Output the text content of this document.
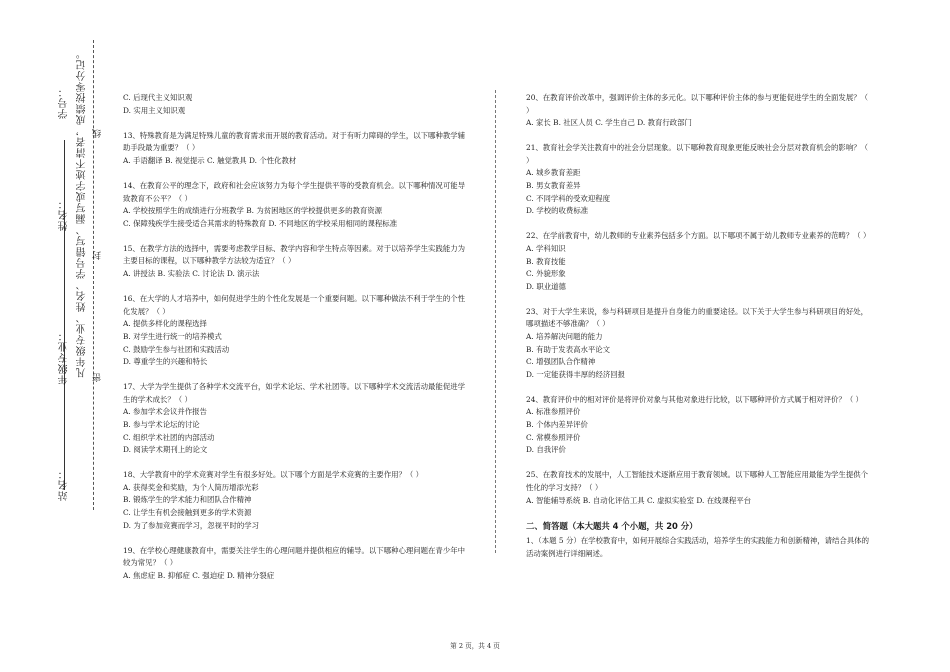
学号：
姓名：
年级专业：
站名：
凡年级专业、姓名、学号错写、漏写或字迹不清者，成绩按零分记。 密
封
线

C. 后现代主义知识观

D. 实用主义知识观

13、特殊教育是为满足特殊儿童的教育需求而开展的教育活动。对于有听力障碍的学生，以下哪种教学辅助手段最为重要？（ ）

A. 手语翻译 B. 视觉提示 C. 触觉教具 D. 个性化教材

14、在教育公平的理念下，政府和社会应该努力为每个学生提供平等的受教育机会。以下哪种情况可能导致教育不公平？（ ）

A. 学校按照学生的成绩进行分班教学 B. 为贫困地区的学校提供更多的教育资源

C. 保障残疾学生接受适合其需求的特殊教育 D. 不同地区的学校采用相同的课程标准

15、在教学方法的选择中，需要考虑教学目标、教学内容和学生特点等因素。对于以培养学生实践能力为主要目标的课程，以下哪种教学方法较为适宜？（ ）

A. 讲授法 B. 实验法 C. 讨论法 D. 演示法

16、在大学的人才培养中，如何促进学生的个性化发展是一个重要问题。以下哪种做法不利于学生的个性化发展？（ ）

A. 提供多样化的课程选择

B. 对学生进行统一的培养模式

C. 鼓励学生参与社团和实践活动

D. 尊重学生的兴趣和特长

17、大学为学生提供了各种学术交流平台，如学术论坛、学术社团等。以下哪种学术交流活动最能促进学生的学术成长？（ ）

A. 参加学术会议并作报告

B. 参与学术论坛的讨论

C. 组织学术社团的内部活动

D. 阅读学术期刊上的论文

18、大学教育中的学术竞赛对学生有很多好处。以下哪个方面是学术竞赛的主要作用？（ ）

A. 获得奖金和奖励，为个人简历增添光彩

B. 锻炼学生的学术能力和团队合作精神

C. 让学生有机会接触到更多的学术资源

D. 为了参加竞赛而学习，忽视平时的学习

19、在学校心理健康教育中，需要关注学生的心理问题并提供相应的辅导。以下哪种心理问题在青少年中较为常见？（ ）

A. 焦虑症 B. 抑郁症 C. 强迫症 D. 精神分裂症

20、在教育评价改革中，强调评价主体的多元化。以下哪种评价主体的参与更能促进学生的全面发展？（ ）

A. 家长 B. 社区人员 C. 学生自己 D. 教育行政部门

21、教育社会学关注教育中的社会分层现象。以下哪种教育现象更能反映社会分层对教育机会的影响？（ ）

A. 城乡教育差距

B. 男女教育差异

C. 不同学科的受欢迎程度

D. 学校的收费标准

22、在学前教育中，幼儿教师的专业素养包括多个方面。以下哪项不属于幼儿教师专业素养的范畴？（ ）

A. 学科知识

B. 教育技能

C. 外貌形象

D. 职业道德

23、对于大学生来说，参与科研项目是提升自身能力的重要途径。以下关于大学生参与科研项目的好处，哪项描述不够准确？（ ）

A. 培养解决问题的能力

B. 有助于发表高水平论文

C. 增强团队合作精神

D. 一定能获得丰厚的经济回报

24、教育评价中的相对评价是将评价对象与其他对象进行比较，以下哪种评价方式属于相对评价？（ ）

A. 标准参照评价

B. 个体内差异评价

C. 常模参照评价

D. 自我评价

25、在教育技术的发展中，人工智能技术逐渐应用于教育领域。以下哪种人工智能应用最能为学生提供个性化的学习支持？（ ）

A. 智能辅导系统 B. 自动化评估工具 C. 虚拟实验室 D. 在线课程平台

二、简答题（本大题共 4 个小题，共 20 分）

1、（本题 5 分）在学校教育中，如何开展综合实践活动，培养学生的实践能力和创新精神，请结合具体的活动案例进行详细阐述。

第 2 页，共 4 页
